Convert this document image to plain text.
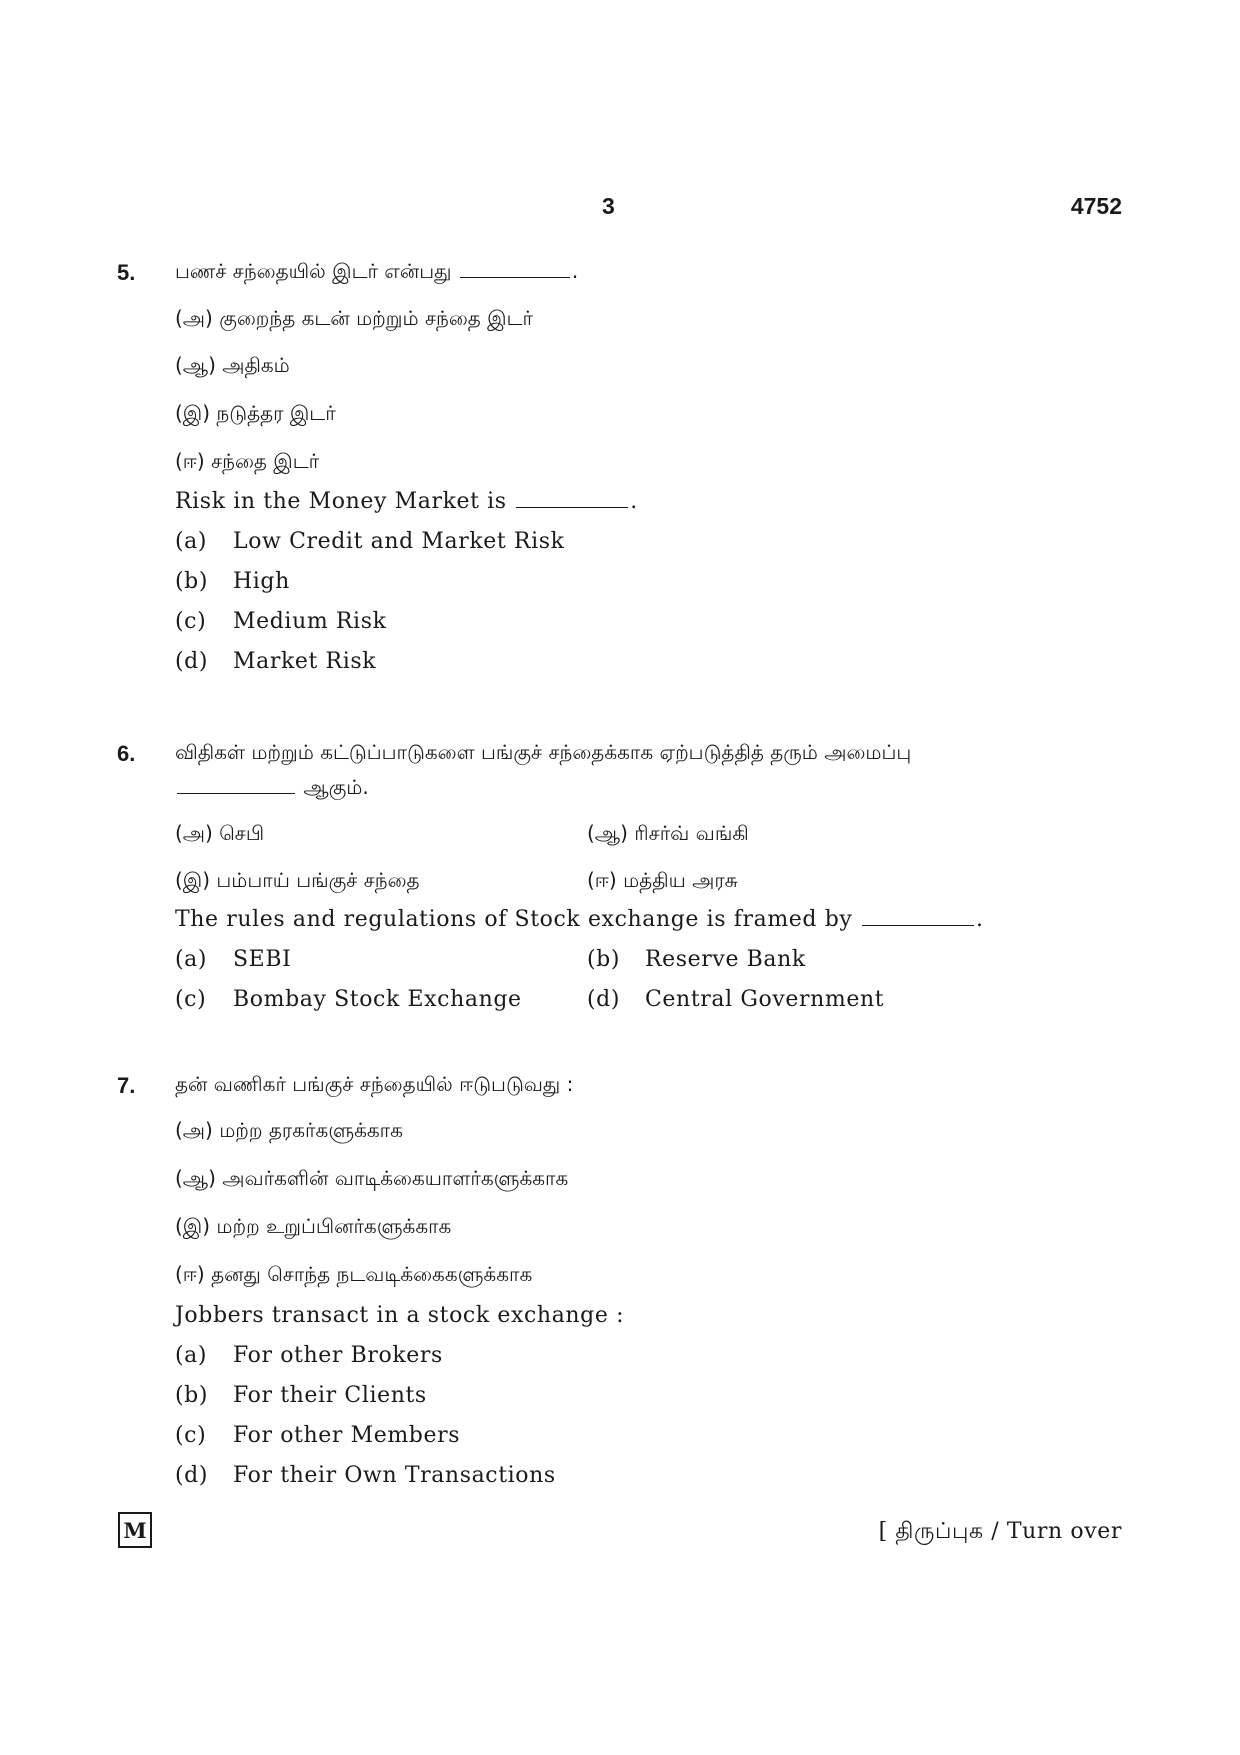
3	4752
5. பணச் சந்தையில் இடர் என்பது	.
(அ) குறைந்த கடன் மற்றும் சந்தை இடர்
(ஆ) அதிகம்
(இ) நடுத்தர இடர்
(ஈ) சந்தை இடர்
Risk in the Money Market is	.
(a) Low Credit and Market Risk
(b) High
(c) Medium Risk
(d) Market Risk
6. விதிகள் மற்றும் கட்டுப்பாடுகளை பங்குச் சந்தைக்காக ஏற்படுத்தித் தரும் அமைப்பு
ஆகும்.
(அ) செபி	(ஆ) ரிசர்வ் வங்கி
(இ) பம்பாய் பங்குச் சந்தை	(ஈ) மத்திய அரசு
The rules and regulations of Stock exchange is framed by	.
(a) SEBI	(b) Reserve Bank
(c) Bombay Stock Exchange	(d) Central Government
7. தன் வணிகர் பங்குச் சந்தையில் ஈடுபடுவது :
(அ) மற்ற தரகர்களுக்காக
(ஆ) அவர்களின் வாடிக்கையாளர்களுக்காக
(இ) மற்ற உறுப்பினர்களுக்காக
(ஈ) தனது சொந்த நடவடிக்கைகளுக்காக
Jobbers transact in a stock exchange :
(a) For other Brokers
(b) For their Clients
(c) For other Members
(d) For their Own Transactions
M	[ திருப்புக / Turn over
